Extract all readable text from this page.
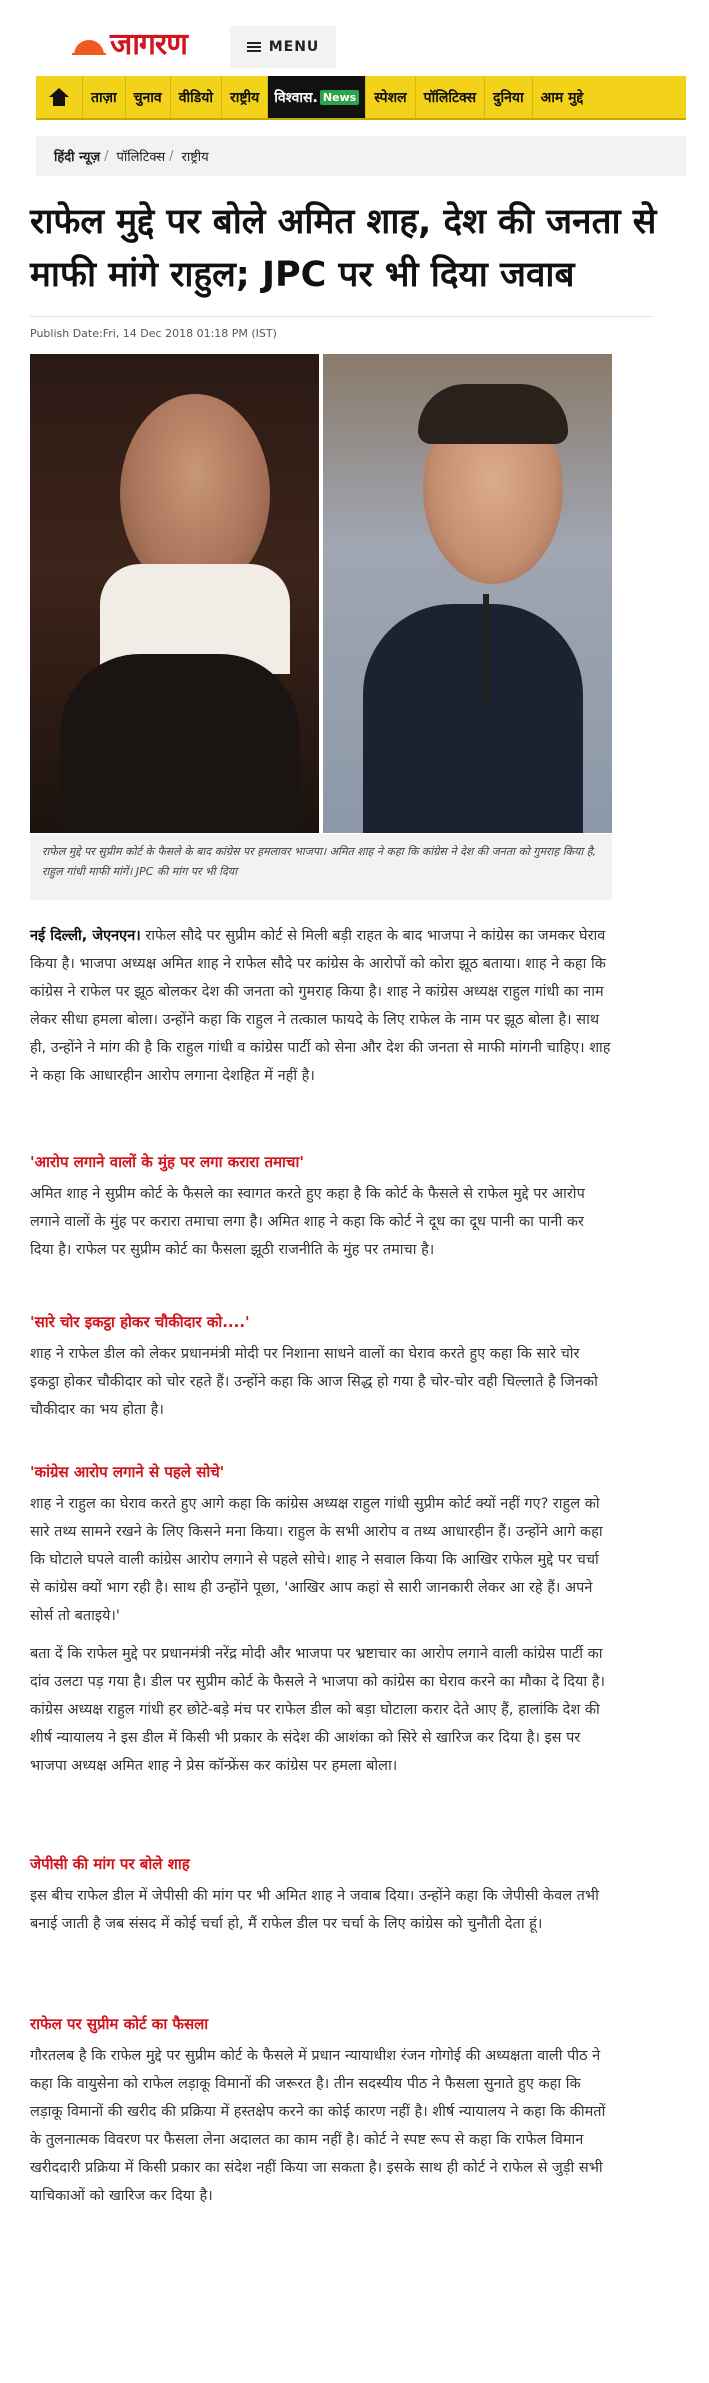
जागरण	MENU
ताज़ा	चुनाव	वीडियो	राष्ट्रीय	विश्वास. News	स्पेशल	पॉलिटिक्स	दुनिया	आम मुद्दे
हिंदी न्यूज़ / पॉलिटिक्स / राष्ट्रीय
राफेल मुद्दे पर बोले अमित शाह, देश की जनता से माफी मांगे राहुल; JPC पर भी दिया जवाब
Publish Date:Fri, 14 Dec 2018 01:18 PM (IST)
राफेल मुद्दे पर सुप्रीम कोर्ट के फैसले के बाद कांग्रेस पर हमलावर भाजपा। अमित शाह ने कहा कि कांग्रेस ने देश की जनता को गुमराह किया है, राहुल गांधी माफी मांगें। JPC की मांग पर भी दिया

नई दिल्ली, जेएनएन। राफेल सौदे पर सुप्रीम कोर्ट से मिली बड़ी राहत के बाद भाजपा ने कांग्रेस का जमकर घेराव किया है। भाजपा अध्यक्ष अमित शाह ने राफेल सौदे पर कांग्रेस के आरोपों को कोरा झूठ बताया। शाह ने कहा कि कांग्रेस ने राफेल पर झूठ बोलकर देश की जनता को गुमराह किया है। शाह ने कांग्रेस अध्यक्ष राहुल गांधी का नाम लेकर सीधा हमला बोला। उन्होंने कहा कि राहुल ने तत्काल फायदे के लिए राफेल के नाम पर झूठ बोला है। साथ ही, उन्होंने ने मांग की है कि राहुल गांधी व कांग्रेस पार्टी को सेना और देश की जनता से माफी मांगनी चाहिए। शाह ने कहा कि आधारहीन आरोप लगाना देशहित में नहीं है।

'आरोप लगाने वालों के मुंह पर लगा करारा तमाचा'

अमित शाह ने सुप्रीम कोर्ट के फैसले का स्वागत करते हुए कहा है कि कोर्ट के फैसले से राफेल मुद्दे पर आरोप लगाने वालों के मुंह पर करारा तमाचा लगा है। अमित शाह ने कहा कि कोर्ट ने दूध का दूध पानी का पानी कर दिया है। राफेल पर सुप्रीम कोर्ट का फैसला झूठी राजनीति के मुंह पर तमाचा है।

'सारे चोर इकट्ठा होकर चौकीदार को....'

शाह ने राफेल डील को लेकर प्रधानमंत्री मोदी पर निशाना साधने वालों का घेराव करते हुए कहा कि सारे चोर इकट्ठा होकर चौकीदार को चोर रहते हैं। उन्होंने कहा कि आज सिद्ध हो गया है चोर-चोर वही चिल्लाते है जिनको चौकीदार का भय होता है।

'कांग्रेस आरोप लगाने से पहले सोचे'

शाह ने राहुल का घेराव करते हुए आगे कहा कि कांग्रेस अध्यक्ष राहुल गांधी सुप्रीम कोर्ट क्यों नहीं गए? राहुल को सारे तथ्य सामने रखने के लिए किसने मना किया। राहुल के सभी आरोप व तथ्य आधारहीन हैं। उन्होंने आगे कहा कि घोटाले घपले वाली कांग्रेस आरोप लगाने से पहले सोचे। शाह ने सवाल किया कि आखिर राफेल मुद्दे पर चर्चा से कांग्रेस क्यों भाग रही है। साथ ही उन्होंने पूछा, 'आखिर आप कहां से सारी जानकारी लेकर आ रहे हैं। अपने सोर्स तो बताइये।'

बता दें कि राफेल मुद्दे पर प्रधानमंत्री नरेंद्र मोदी और भाजपा पर भ्रष्टाचार का आरोप लगाने वाली कांग्रेस पार्टी का दांव उलटा पड़ गया है। डील पर सुप्रीम कोर्ट के फैसले ने भाजपा को कांग्रेस का घेराव करने का मौका दे दिया है। कांग्रेस अध्यक्ष राहुल गांधी हर छोटे-बड़े मंच पर राफेल डील को बड़ा घोटाला करार देते आए हैं, हालांकि देश की शीर्ष न्यायालय ने इस डील में किसी भी प्रकार के संदेश की आशंका को सिरे से खारिज कर दिया है। इस पर भाजपा अध्यक्ष अमित शाह ने प्रेस कॉन्फ्रेंस कर कांग्रेस पर हमला बोला।

जेपीसी की मांग पर बोले शाह

इस बीच राफेल डील में जेपीसी की मांग पर भी अमित शाह ने जवाब दिया। उन्होंने कहा कि जेपीसी केवल तभी बनाई जाती है जब संसद में कोई चर्चा हो, मैं राफेल डील पर चर्चा के लिए कांग्रेस को चुनौती देता हूं।

राफेल पर सुप्रीम कोर्ट का फैसला

गौरतलब है कि राफेल मुद्दे पर सुप्रीम कोर्ट के फैसले में प्रधान न्यायाधीश रंजन गोगोई की अध्यक्षता वाली पीठ ने कहा कि वायुसेना को राफेल लड़ाकू विमानों की जरूरत है। तीन सदस्यीय पीठ ने फैसला सुनाते हुए कहा कि लड़ाकू विमानों की खरीद की प्रक्रिया में हस्तक्षेप करने का कोई कारण नहीं है। शीर्ष न्यायालय ने कहा कि कीमतों के तुलनात्मक विवरण पर फैसला लेना अदालत का काम नहीं है। कोर्ट ने स्पष्ट रूप से कहा कि राफेल विमान खरीददारी प्रक्रिया में किसी प्रकार का संदेश नहीं किया जा सकता है। इसके साथ ही कोर्ट ने राफेल से जुड़ी सभी याचिकाओं को खारिज कर दिया है।
